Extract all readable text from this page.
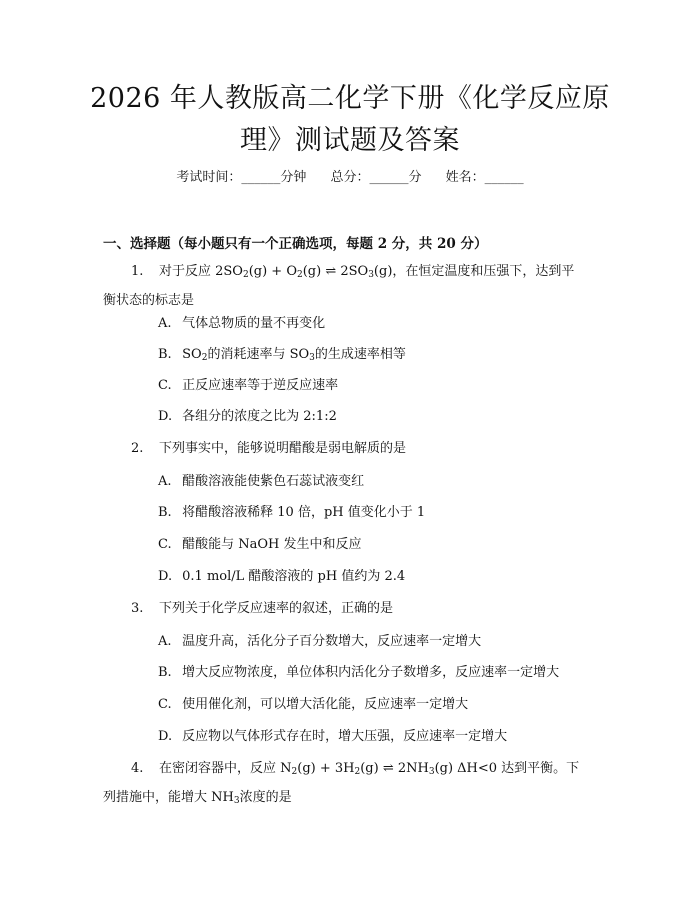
2026 年人教版高二化学下册《化学反应原
理》测试题及答案
考试时间：______分钟 总分：______分 姓名：______
一、选择题（每小题只有一个正确选项，每题 2 分，共 20 分）
1. 对于反应 $2SO_2(g) + O_2(g)$ ⇌ $2SO_3(g)$，在恒定温度和压强下，达到平
衡状态的标志是
A. 气体总物质的量不再变化
B. $SO_2$的消耗速率与 $SO_3$的生成速率相等
C. 正反应速率等于逆反应速率
D. 各组分的浓度之比为 2:1:2
2. 下列事实中，能够说明醋酸是弱电解质的是
A. 醋酸溶液能使紫色石蕊试液变红
B. 将醋酸溶液稀释 10 倍，pH 值变化小于 1
C. 醋酸能与 NaOH 发生中和反应
D. 0.1 mol/L 醋酸溶液的 pH 值约为 2.4
3. 下列关于化学反应速率的叙述，正确的是
A. 温度升高，活化分子百分数增大，反应速率一定增大
B. 增大反应物浓度，单位体积内活化分子数增多，反应速率一定增大
C. 使用催化剂，可以增大活化能，反应速率一定增大
D. 反应物以气体形式存在时，增大压强，反应速率一定增大
4. 在密闭容器中，反应 $N_2(g) + 3H_2(g)$ ⇌ $2NH_3(g)$ ΔH<0 达到平衡。下
列措施中，能增大 $NH_3$浓度的是
